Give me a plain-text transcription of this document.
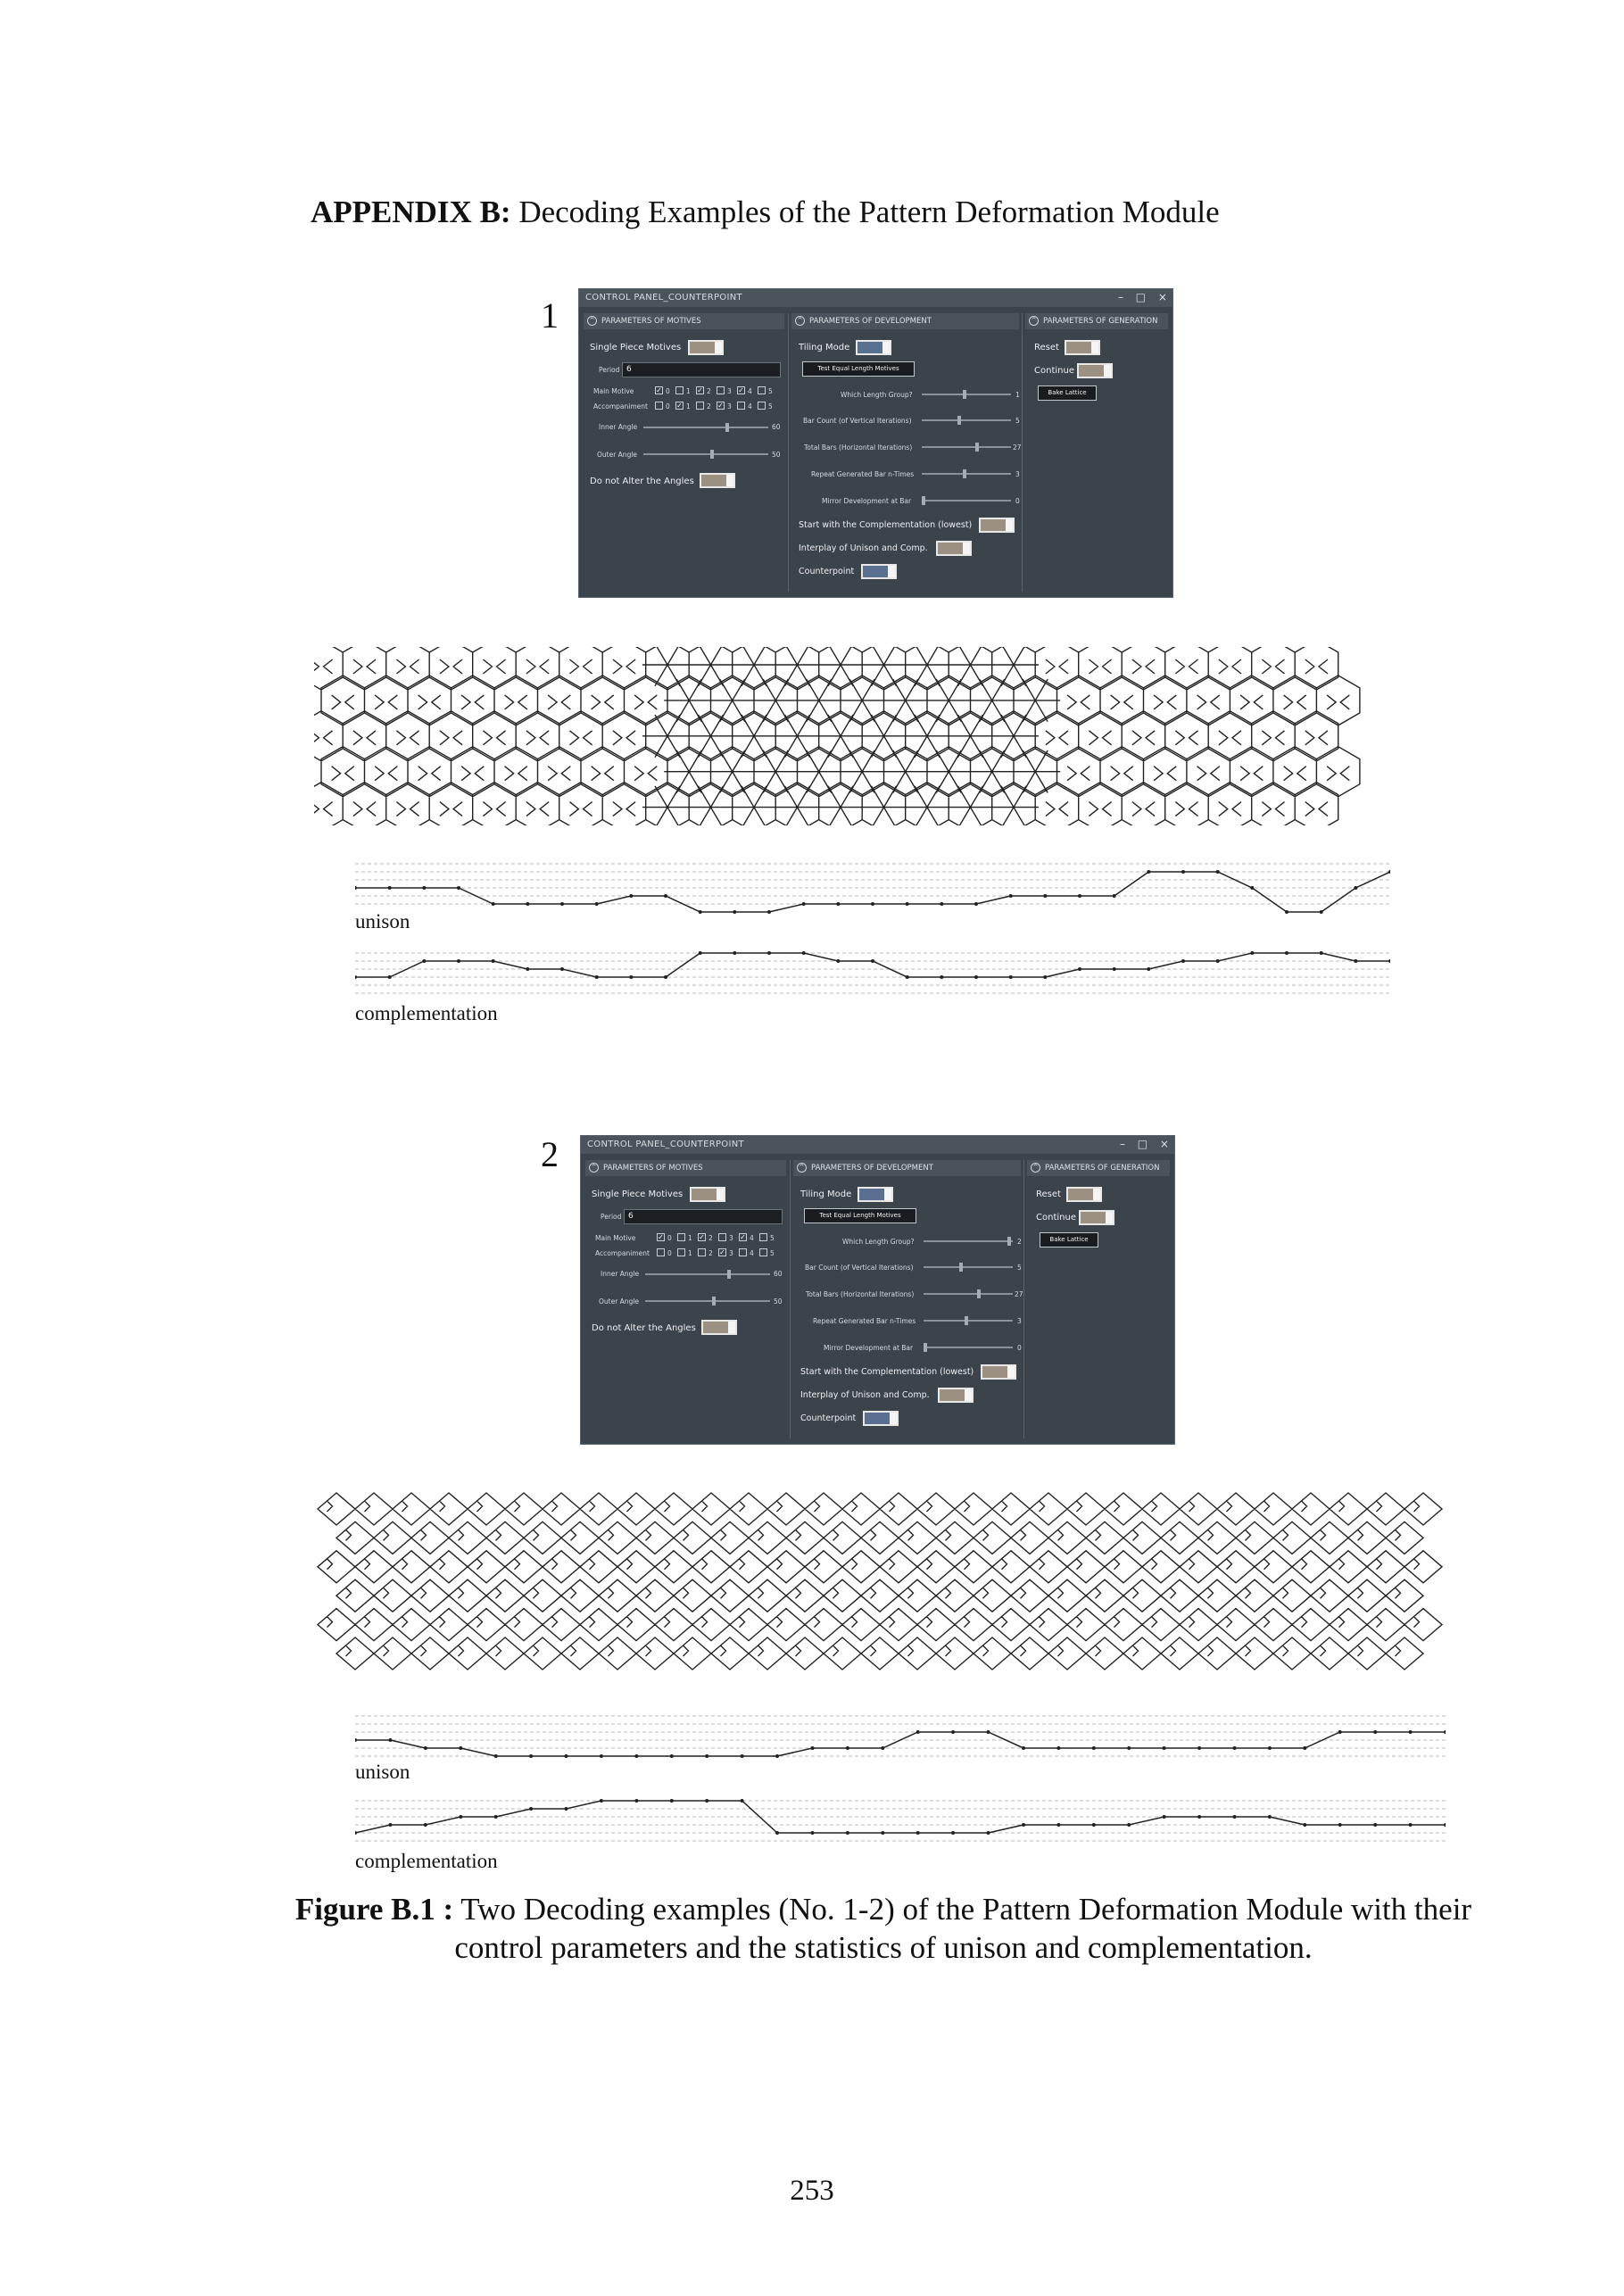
APPENDIX B: Decoding Examples of the Pattern Deformation Module
1	CONTROL PANEL_COUNTERPOINT	– □ ×
^ PARAMETERS OF MOTIVES	^ PARAMETERS OF DEVELOPMENT	^ PARAMETERS OF GENERATION
Single Piece Motives
Period 6
Main Motive
Accompaniment
✓ 0 1 ✓ 2 3 ✓ 4 5
0 ✓ 1 2 ✓ 3 4 5
Inner Angle	60
Outer Angle	50
Do not Alter the Angles
Tiling Mode
Test Equal Length Motives
Which Length Group?	1
Bar Count (of Vertical Iterations)	5
Total Bars (Horizontal Iterations)	27
Repeat Generated Bar n-Times	3
Mirror Development at Bar	0
Start with the Complementation (lowest)
Interplay of Unison and Comp.
Counterpoint
Reset
Continue
Bake Lattice
unison
complementation
2	CONTROL PANEL_COUNTERPOINT	– □ ×
^ PARAMETERS OF MOTIVES	^ PARAMETERS OF DEVELOPMENT	^ PARAMETERS OF GENERATION
Single Piece Motives
Period 6
Main Motive
Accompaniment
✓ 0 1 ✓ 2 3 ✓ 4 5
0 1 2 ✓ 3 4 5
Inner Angle	60
Outer Angle	50
Do not Alter the Angles
Tiling Mode
Test Equal Length Motives
Which Length Group?	2
Bar Count (of Vertical Iterations)	5
Total Bars (Horizontal Iterations)	27
Repeat Generated Bar n-Times	3
Mirror Development at Bar	0
Start with the Complementation (lowest)
Interplay of Unison and Comp.
Counterpoint
Reset
Continue
Bake Lattice
unison
complementation
Figure B.1 : Two Decoding examples (No. 1-2) of the Pattern Deformation Module with their control parameters and the statistics of unison and complementation.
253
